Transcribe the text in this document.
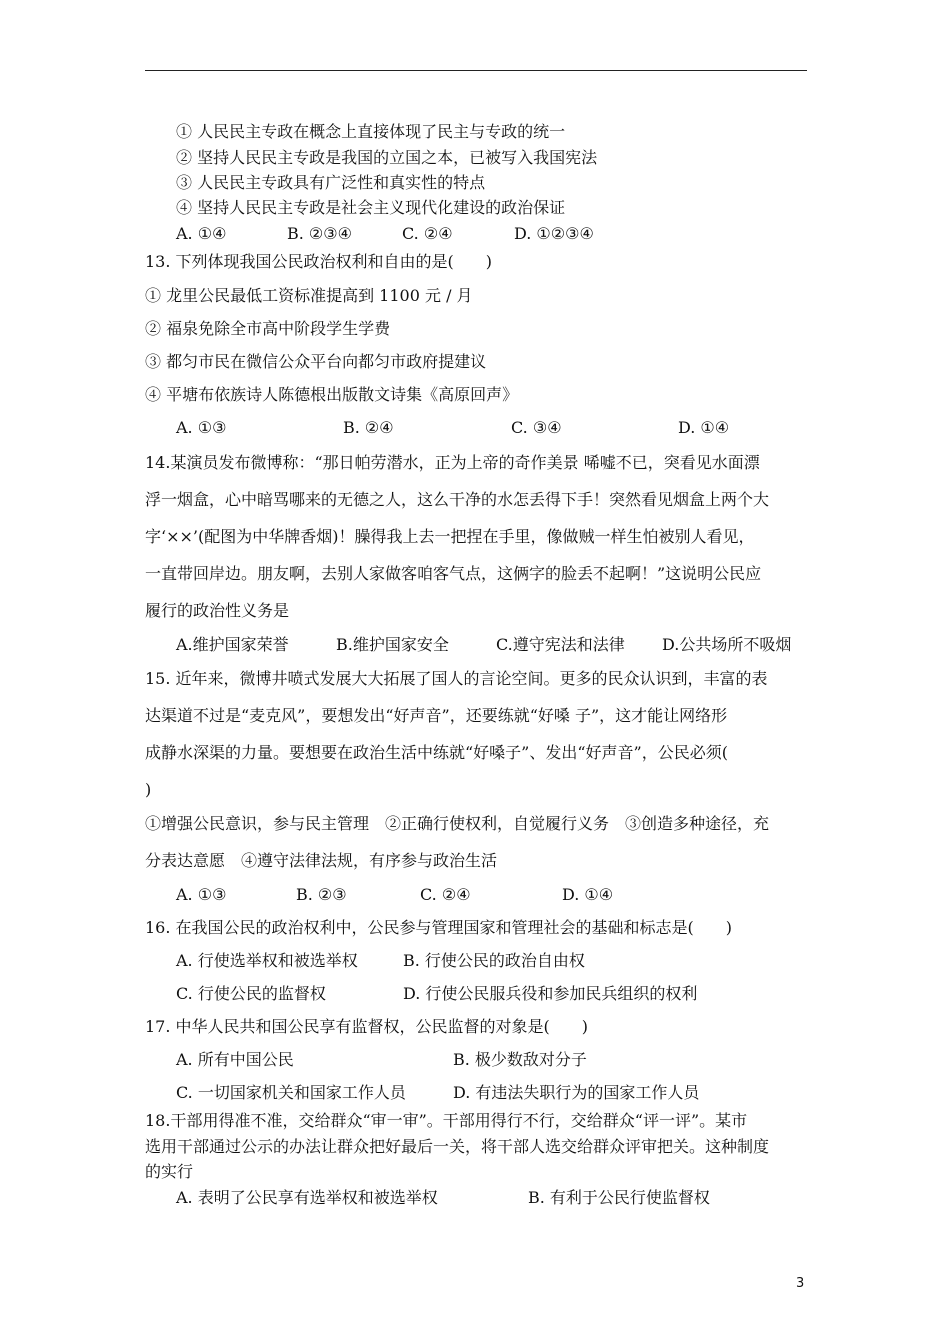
① 人民民主专政在概念上直接体现了民主与专政的统一
② 坚持人民民主专政是我国的立国之本，已被写入我国宪法
③ 人民民主专政具有广泛性和真实性的特点
④ 坚持人民民主专政是社会主义现代化建设的政治保证
A. ①④	B. ②③④	C. ②④	D. ①②③④
13. 下列体现我国公民政治权利和自由的是(　　)
① 龙里公民最低工资标准提高到 1100 元 / 月
② 福泉免除全市高中阶段学生学费
③ 都匀市民在微信公众平台向都匀市政府提建议
④ 平塘布依族诗人陈德根出版散文诗集《高原回声》
A. ①③	B. ②④	C. ③④	D. ①④
14.某演员发布微博称：“那日帕劳潜水，正为上帝的奇作美景 唏嘘不已，突看见水面漂
浮一烟盒，心中暗骂哪来的无德之人，这么干净的水怎丢得下手！突然看见烟盒上两个大
字‘××’(配图为中华牌香烟)！臊得我上去一把捏在手里，像做贼一样生怕被别人看见，
一直带回岸边。朋友啊，去别人家做客咱客气点，这俩字的脸丢不起啊！”这说明公民应
履行的政治性义务是
A.维护国家荣誉	B.维护国家安全	C.遵守宪法和法律 D.公共场所不吸烟
15. 近年来，微博井喷式发展大大拓展了国人的言论空间。更多的民众认识到，丰富的表
达渠道不过是“麦克风”，要想发出“好声音”，还要练就“好嗓 子”，这才能让网络形
成静水深渠的力量。要想要在政治生活中练就“好嗓子”、发出“好声音”，公民必须(
)
①增强公民意识，参与民主管理　②正确行使权利，自觉履行义务　③创造多种途径，充
分表达意愿　④遵守法律法规，有序参与政治生活
A. ①③	B. ②③	C. ②④	D. ①④
16. 在我国公民的政治权利中，公民参与管理国家和管理社会的基础和标志是(　　)
A. 行使选举权和被选举权	B. 行使公民的政治自由权
C. 行使公民的监督权	D. 行使公民服兵役和参加民兵组织的权利
17. 中华人民共和国公民享有监督权，公民监督的对象是(　　)
A. 所有中国公民	B. 极少数敌对分子
C. 一切国家机关和国家工作人员	D. 有违法失职行为的国家工作人员
18.干部用得准不准，交给群众“审一审”。干部用得行不行，交给群众“评一评”。某市
选用干部通过公示的办法让群众把好最后一关，将干部人选交给群众评审把关。这种制度
的实行
A. 表明了公民享有选举权和被选举权	B. 有利于公民行使监督权
3
